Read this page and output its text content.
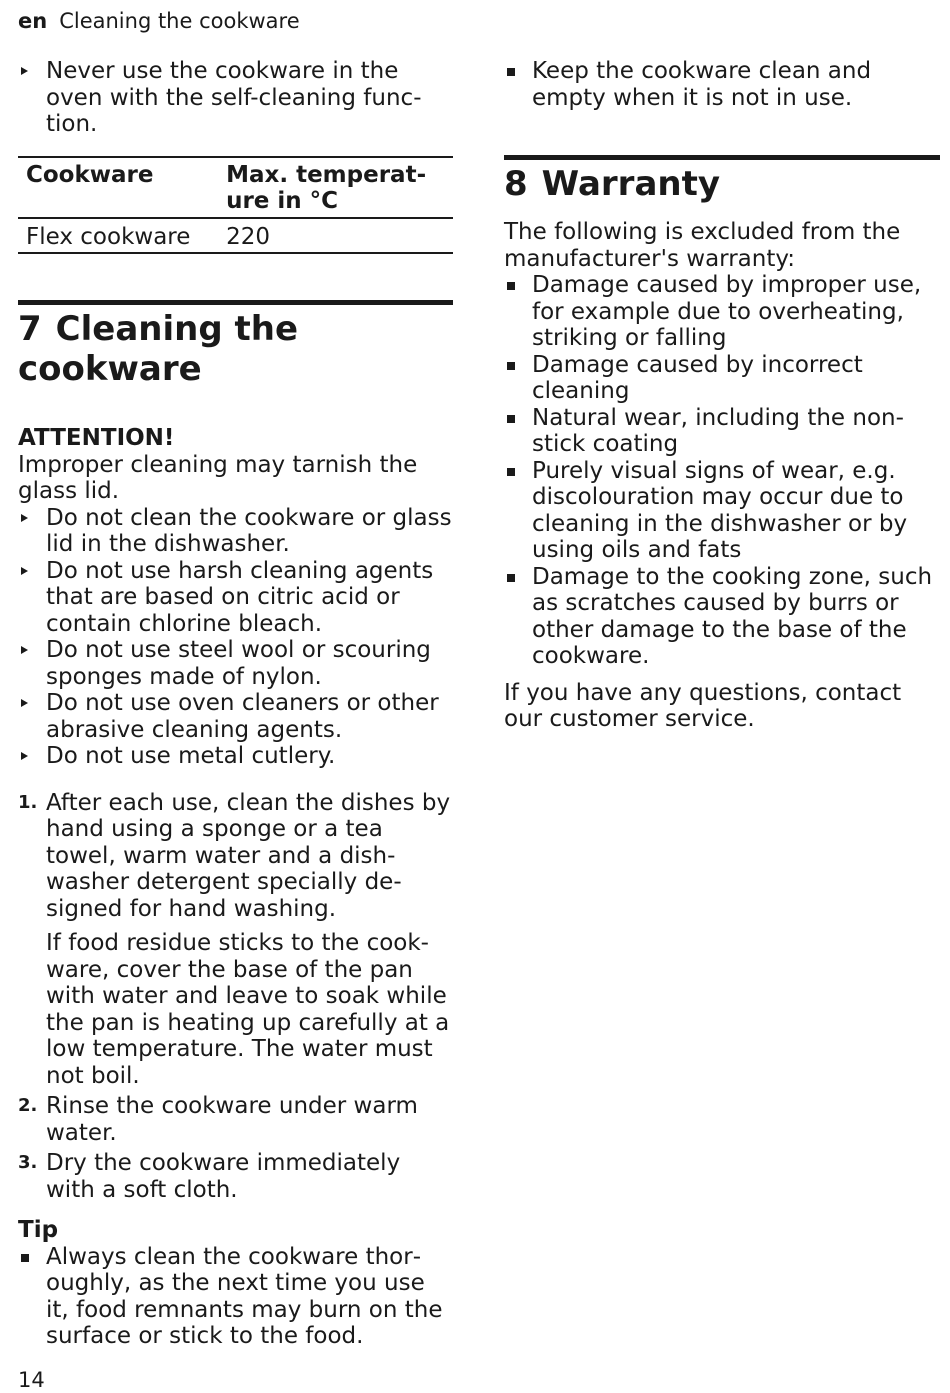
en Cleaning the cookware
Never use the cookware in the oven with the self-cleaning function.
Cookware	Max. temperature in °C
Flex cookware	220
7 Cleaning the cookware

ATTENTION!

Improper cleaning may tarnish the glass lid.

Do not clean the cookware or glass lid in the dishwasher.
Do not use harsh cleaning agents that are based on citric acid or contain chlorine bleach.
Do not use steel wool or scouring sponges made of nylon.
Do not use oven cleaners or other abrasive cleaning agents.
Do not use metal cutlery.
1. After each use, clean the dishes by hand using a sponge or a tea towel, warm water and a dishwasher detergent specially designed for hand washing.

If food residue sticks to the cookware, cover the base of the pan with water and leave to soak while the pan is heating up carefully at a low temperature. The water must not boil.

2. Rinse the cookware under warm water.

3. Dry the cookware immediately with a soft cloth.

Tip

Always clean the cookware thoroughly, as the next time you use it, food remnants may burn on the surface or stick to the food.
Keep the cookware clean and empty when it is not in use.
8 Warranty

The following is excluded from the manufacturer's warranty:

Damage caused by improper use, for example due to overheating, striking or falling
Damage caused by incorrect cleaning
Natural wear, including the nonstick coating
Purely visual signs of wear, e.g. discolouration may occur due to cleaning in the dishwasher or by using oils and fats
Damage to the cooking zone, such as scratches caused by burrs or other damage to the base of the cookware.

If you have any questions, contact our customer service.

14
